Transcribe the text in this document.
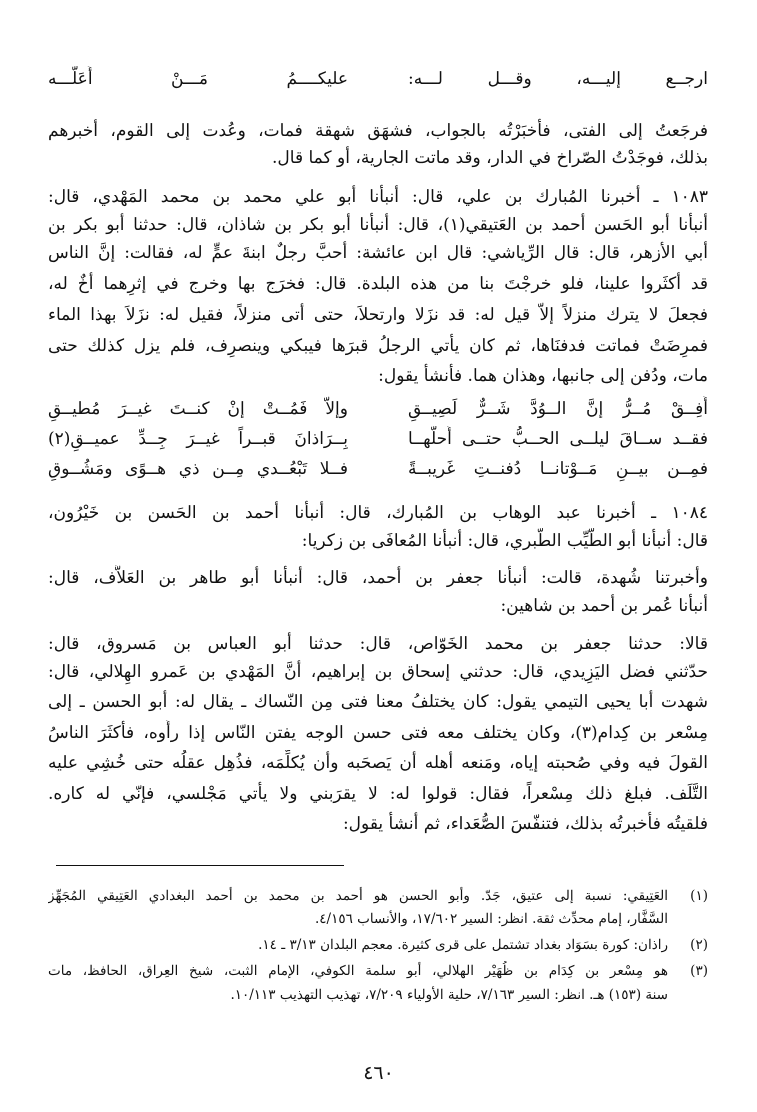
ارجــع إليـــه، وقـــل لـــه:
عليكــــمُ مَـــنْ أَعَلّـــه
فرجَعتُ إلى الفتى، فأخبَرْتُه بالجواب، فشهَق شهقة فمات، وعُدت إلى القوم، أخبرهم
بذلك، فوجَدْتُ الصّراخ في الدار، وقد ماتت الجارية، أو كما قال.
١٠٨٣ ـ أخبرنا المُبارك بن علي، قال: أنبأنا أبو علي محمد بن محمد المَهْدي، قال:
أنبأنا أبو الحَسن أحمد بن العَتيقي(١)، قال: أنبأنا أبو بكر بن شاذان، قال: حدثنا أبو بكر بن
أبي الأزهر، قال: قال الرِّياشي: قال ابن عائشة: أحبَّ رجلٌ ابنةَ عمٍّ له، فقالت: إنَّ الناس
قد أكثَروا علينا، فلو خرجْتَ بنا من هذه البلدة. قال: فخرَج بها وخرج في إثرِهما أخٌ له،
فجعلَ لا يترك منزلاً إلاّ قيل له: قد نزَلا وارتحلاَ، حتى أتى منزلاً، فقيل له: نزَلاَ بهذا الماء
فمرِضَتْ فماتت فدفنَاها، ثم كان يأتي الرجلُ قبرَها فيبكي وينصرِف، فلم يزل كذلك حتى
مات، ودُفن إلى جانبها، وهذان هما. فأنشأ يقول:
أَفِــقْ مُــرُّ إنَّ الــوُدَّ شَــرٌّ لَصِيــقِ
وإلاّ فَمُــتْ إنْ كنــتَ غيــرَ مُطيــقِ
فقــد ســاقَ ليلــى الحــبُّ حتــى أَحلَّهــا
بِــرَاذانَ قبــراً غيــرَ جِــدِّ عميــقِ(٢)
فمِــن بيــنِ مَــوْتانــا دُفنــتِ غَريبــةً
فــلا تَبْعُــدي مِــن ذي هــوًى ومَشُــوقِ
١٠٨٤ ـ أخبرنا عبد الوهاب بن المُبارك، قال: أنبأنا أحمد بن الحَسن بن خَيْرُون،
قال: أنبأنا أبو الطَّيِّب الطَّبري، قال: أنبأنا المُعافَى بن زكريا:
وأخبرتنا شُهدة، قالت: أنبأنا جعفر بن أحمد، قال: أنبأنا أبو طاهر بن العَلاَّف، قال:
أنبأنا عُمر بن أحمد بن شاهين:
قالا: حدثنا جعفر بن محمد الخَوّاص، قال: حدثنا أبو العباس بن مَسروق، قال:
حدّثني فضل اليَزِيدي، قال: حدثني إسحاق بن إبراهيم، أنَّ المَهْدي بن عَمرو الهِلالي، قال:
شهدت أبا يحيى التيمي يقول: كان يختلفُ معنا فتى مِن النّساك ـ يقال له: أبو الحسن ـ إلى
مِسْعر بن كِدام(٣)، وكان يختلف معه فتى حسن الوجه يفتن النّاس إذا رأَوه، فأكثَرَ الناسُ
القولَ فيه وفي صُحبته إياه، ومَنعه أهله أن يَصحَبه وأن يُكلِّمَه، فذُهِل عقلُه حتى خُشِي عليه
التَّلَف. فبلغ ذلك مِسْعراً، فقال: قولوا له: لا يقرَبني ولا يأتي مَجْلسي، فإنّي له كاره.
فلقيتُه فأخبرتُه بذلك، فتنفّسَ الصُّعَداء، ثم أنشأ يقول:
(١)
العَتِيقي: نسبة إلى عتيق، جَدّ. وأبو الحسن هو أحمد بن محمد بن أحمد البغدادي العَتِيقي المُجَهِّز
السَّفَّار، إمام محدِّث ثقة. انظر: السير ١٧/٦٠٢، والأنساب ٤/١٥٦.
(٢)
راذان: كورة بسَوَاد بغداد تشتمل على قرى كثيرة. معجم البلدان ٣/١٣ ـ ١٤.
(٣)
هو مِسْعر بن كِدَام بن ظُهَيْر الهلالي، أبو سلمة الكوفي، الإمام الثبت، شيخ العِراق، الحافظ، مات
سنة (١٥٣) هـ. انظر: السير ٧/١٦٣، حلية الأولياء ٧/٢٠٩، تهذيب التهذيب ١٠/١١٣.
٤٦٠
